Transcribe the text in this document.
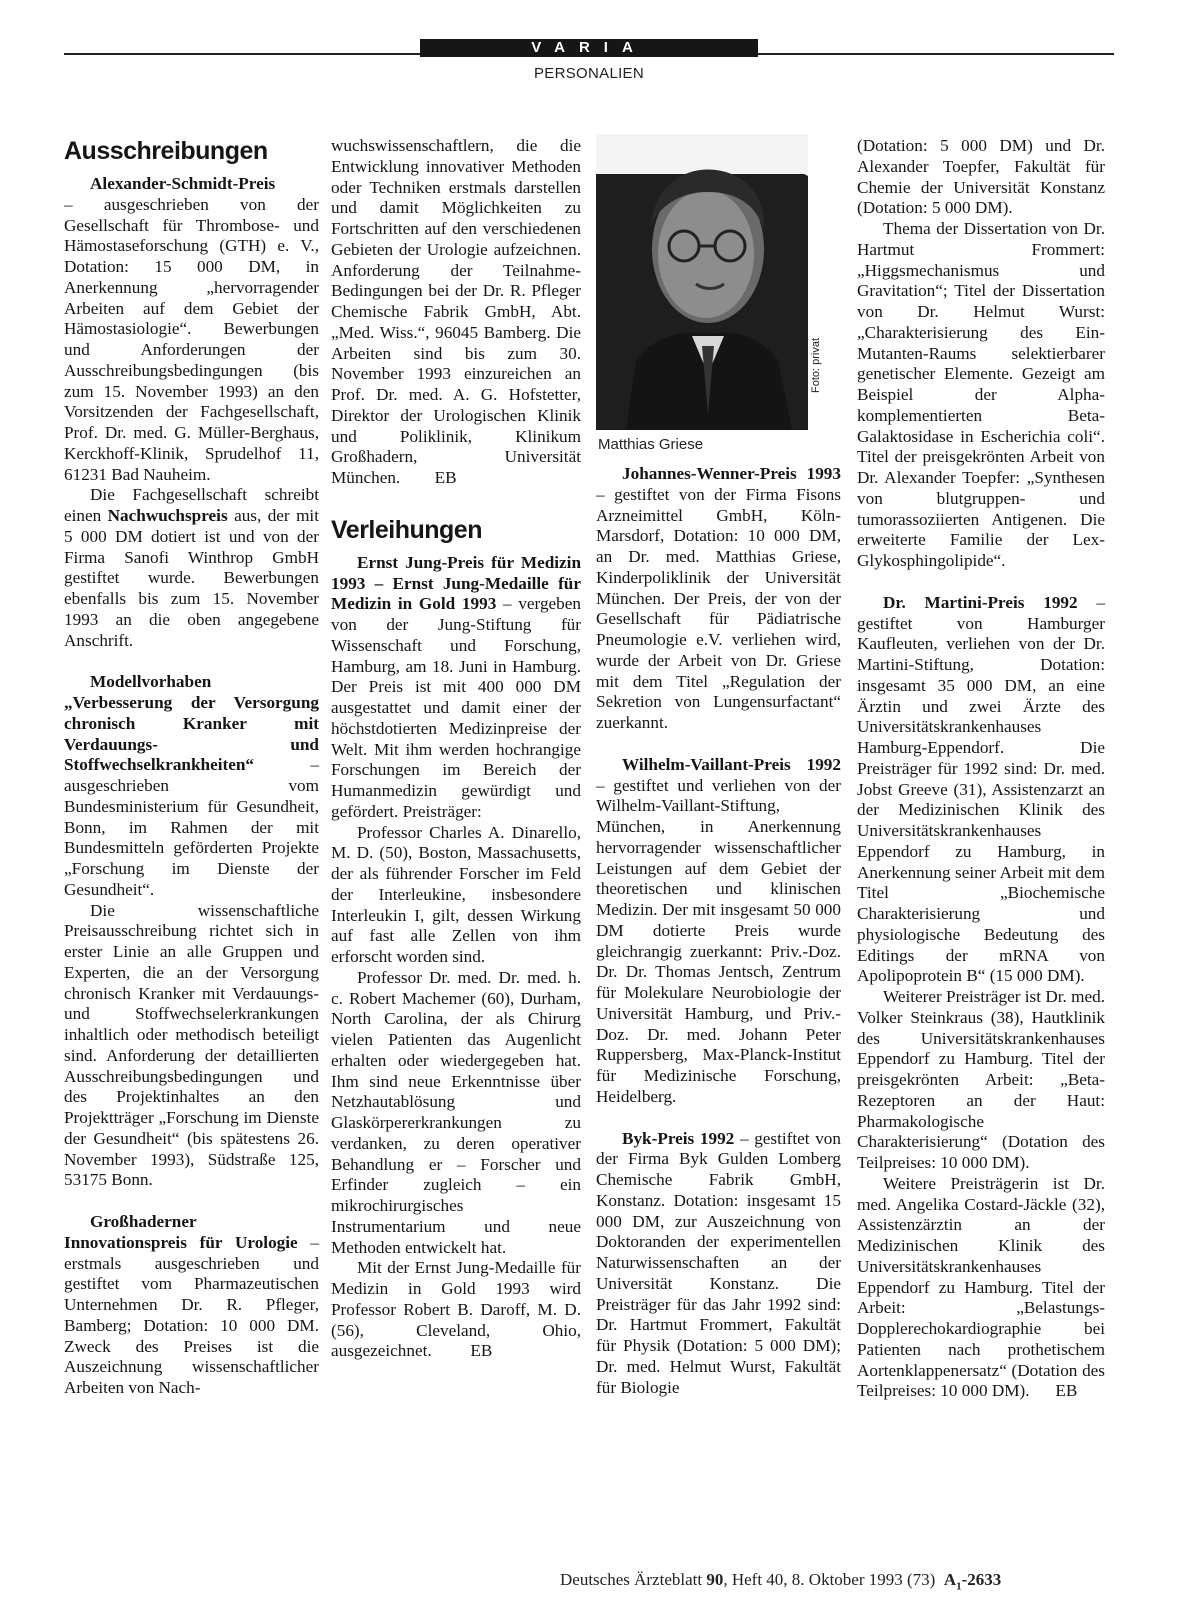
VARIA
PERSONALIEN
Ausschreibungen

Alexander-Schmidt-Preis
– ausgeschrieben von der Gesellschaft für Thrombose- und Hämostaseforschung (GTH) e. V., Dotation: 15 000 DM, in Anerkennung „hervorragender Arbeiten auf dem Gebiet der Hämostasiologie“. Bewerbungen und Anforderungen der Ausschreibungsbedingungen (bis zum 15. November 1993) an den Vorsitzenden der Fachgesellschaft, Prof. Dr. med. G. Müller-Berghaus, Kerckhoff-Klinik, Sprudelhof 11, 61231 Bad Nauheim.

Die Fachgesellschaft schreibt einen Nachwuchspreis aus, der mit 5 000 DM dotiert ist und von der Firma Sanofi Winthrop GmbH gestiftet wurde. Bewerbungen ebenfalls bis zum 15. November 1993 an die oben angegebene Anschrift.

Modellvorhaben „Verbesserung der Versorgung chronisch Kranker mit Verdauungs- und Stoffwechselkrankheiten“ – ausgeschrieben vom Bundesministerium für Gesundheit, Bonn, im Rahmen der mit Bundesmitteln geförderten Projekte „Forschung im Dienste der Gesundheit“.

Die wissenschaftliche Preisausschreibung richtet sich in erster Linie an alle Gruppen und Experten, die an der Versorgung chronisch Kranker mit Verdauungs- und Stoffwechselerkrankungen inhaltlich oder methodisch beteiligt sind. Anforderung der detaillierten Ausschreibungsbedingungen und des Projektinhaltes an den Projektträger „Forschung im Dienste der Gesundheit“ (bis spätestens 26. November 1993), Südstraße 125, 53175 Bonn.

Großhaderner Innovationspreis für Urologie – erstmals ausgeschrieben und gestiftet vom Pharmazeutischen Unternehmen Dr. R. Pfleger, Bamberg; Dotation: 10 000 DM. Zweck des Preises ist die Auszeichnung wissenschaftlicher Arbeiten von Nach-

wuchswissenschaftlern, die die Entwicklung innovativer Methoden oder Techniken erstmals darstellen und damit Möglichkeiten zu Fortschritten auf den verschiedenen Gebieten der Urologie aufzeichnen. Anforderung der Teilnahme-Bedingungen bei der Dr. R. Pfleger Chemische Fabrik GmbH, Abt. „Med. Wiss.“, 96045 Bamberg. Die Arbeiten sind bis zum 30. November 1993 einzureichen an Prof. Dr. med. A. G. Hofstetter, Direktor der Urologischen Klinik und Poliklinik, Klinikum Großhadern, Universität München. EB

Verleihungen

Ernst Jung-Preis für Medizin 1993 – Ernst Jung-Medaille für Medizin in Gold 1993 – vergeben von der Jung-Stiftung für Wissenschaft und Forschung, Hamburg, am 18. Juni in Hamburg. Der Preis ist mit 400 000 DM ausgestattet und damit einer der höchstdotierten Medizinpreise der Welt. Mit ihm werden hochrangige Forschungen im Bereich der Humanmedizin gewürdigt und gefördert. Preisträger:

Professor Charles A. Dinarello, M. D. (50), Boston, Massachusetts, der als führender Forscher im Feld der Interleukine, insbesondere Interleukin I, gilt, dessen Wirkung auf fast alle Zellen von ihm erforscht worden sind.

Professor Dr. med. Dr. med. h. c. Robert Machemer (60), Durham, North Carolina, der als Chirurg vielen Patienten das Augenlicht erhalten oder wiedergegeben hat. Ihm sind neue Erkenntnisse über Netzhautablösung und Glaskörpererkrankungen zu verdanken, zu deren operativer Behandlung er – Forscher und Erfinder zugleich – ein mikrochirurgisches Instrumentarium und neue Methoden entwickelt hat.

Mit der Ernst Jung-Medaille für Medizin in Gold 1993 wird Professor Robert B. Daroff, M. D. (56), Cleveland, Ohio, ausgezeichnet. EB

Foto: privat
Matthias Griese

Johannes-Wenner-Preis 1993 – gestiftet von der Firma Fisons Arzneimittel GmbH, Köln-Marsdorf, Dotation: 10 000 DM, an Dr. med. Matthias Griese, Kinderpoliklinik der Universität München. Der Preis, der von der Gesellschaft für Pädiatrische Pneumologie e.V. verliehen wird, wurde der Arbeit von Dr. Griese mit dem Titel „Regulation der Sekretion von Lungensurfactant“ zuerkannt.

Wilhelm-Vaillant-Preis 1992 – gestiftet und verliehen von der Wilhelm-Vaillant-Stiftung, München, in Anerkennung hervorragender wissenschaftlicher Leistungen auf dem Gebiet der theoretischen und klinischen Medizin. Der mit insgesamt 50 000 DM dotierte Preis wurde gleichrangig zuerkannt: Priv.-Doz. Dr. Dr. Thomas Jentsch, Zentrum für Molekulare Neurobiologie der Universität Hamburg, und Priv.-Doz. Dr. med. Johann Peter Ruppersberg, Max-Planck-Institut für Medizinische Forschung, Heidelberg.

Byk-Preis 1992 – gestiftet von der Firma Byk Gulden Lomberg Chemische Fabrik GmbH, Konstanz. Dotation: insgesamt 15 000 DM, zur Auszeichnung von Doktoranden der experimentellen Naturwissenschaften an der Universität Konstanz. Die Preisträger für das Jahr 1992 sind: Dr. Hartmut Frommert, Fakultät für Physik (Dotation: 5 000 DM); Dr. med. Helmut Wurst, Fakultät für Biologie

(Dotation: 5 000 DM) und Dr. Alexander Toepfer, Fakultät für Chemie der Universität Konstanz (Dotation: 5 000 DM).

Thema der Dissertation von Dr. Hartmut Frommert: „Higgsmechanismus und Gravitation“; Titel der Dissertation von Dr. Helmut Wurst: „Charakterisierung des Ein-Mutanten-Raums selektierbarer genetischer Elemente. Gezeigt am Beispiel der Alpha-komplementierten Beta-Galaktosidase in Escherichia coli“. Titel der preisgekrönten Arbeit von Dr. Alexander Toepfer: „Synthesen von blutgruppen- und tumorassoziierten Antigenen. Die erweiterte Familie der Lex-Glykosphingolipide“.

Dr. Martini-Preis 1992 – gestiftet von Hamburger Kaufleuten, verliehen von der Dr. Martini-Stiftung, Dotation: insgesamt 35 000 DM, an eine Ärztin und zwei Ärzte des Universitätskrankenhauses Hamburg-Eppendorf. Die Preisträger für 1992 sind: Dr. med. Jobst Greeve (31), Assistenzarzt an der Medizinischen Klinik des Universitätskrankenhauses Eppendorf zu Hamburg, in Anerkennung seiner Arbeit mit dem Titel „Biochemische Charakterisierung und physiologische Bedeutung des Editings der mRNA von Apolipoprotein B“ (15 000 DM).

Weiterer Preisträger ist Dr. med. Volker Steinkraus (38), Hautklinik des Universitätskrankenhauses Eppendorf zu Hamburg. Titel der preisgekrönten Arbeit: „Beta-Rezeptoren an der Haut: Pharmakologische Charakterisierung“ (Dotation des Teilpreises: 10 000 DM).

Weitere Preisträgerin ist Dr. med. Angelika Costard-Jäckle (32), Assistenzärztin an der Medizinischen Klinik des Universitätskrankenhauses Eppendorf zu Hamburg. Titel der Arbeit: „Belastungs-Dopplerechokardiographie bei Patienten nach prothetischem Aortenklappenersatz“ (Dotation des Teilpreises: 10 000 DM). EB

Deutsches Ärzteblatt 90, Heft 40, 8. Oktober 1993 (73) $A_1-2633$
